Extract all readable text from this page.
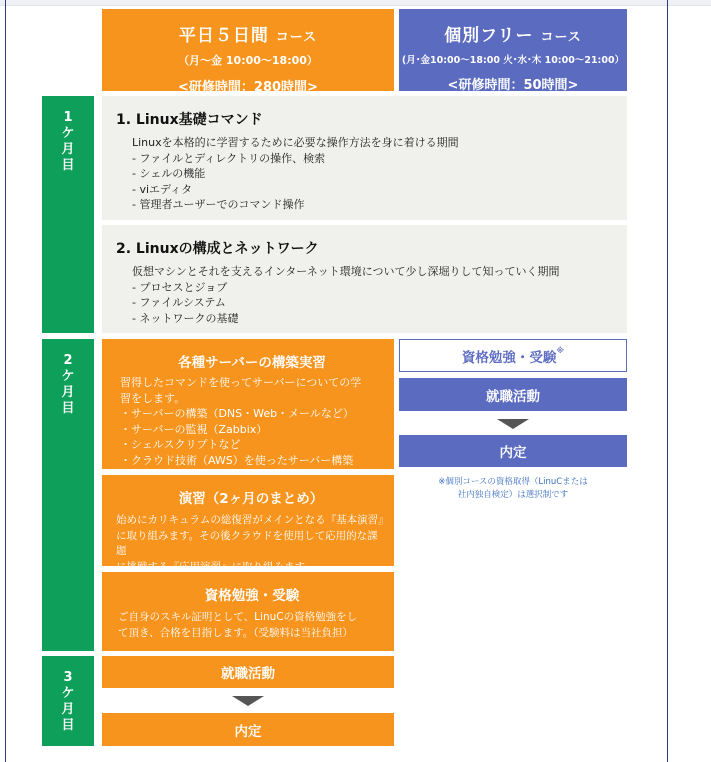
平日５日間 コース
（月〜金 10:00〜18:00）
<研修時間：280時間>
個別フリー コース
(月･金10:00〜18:00 火･水･木 10:00〜21:00）
<研修時間：50時間>
1
ケ
月
目
2
ケ
月
目
3
ケ
月
目
1. Linux基礎コマンド
Linuxを本格的に学習するために必要な操作方法を身に着ける期間
- ファイルとディレクトリの操作、検索
- シェルの機能
- viエディタ
- 管理者ユーザーでのコマンド操作
2. Linuxの構成とネットワーク
仮想マシンとそれを支えるインターネット環境について少し深堀りして知っていく期間
- プロセスとジョブ
- ファイルシステム
- ネットワークの基礎
各種サーバーの構築実習
習得したコマンドを使ってサーバーについての学
習をします。
・サーバーの構築（DNS・Web・メールなど）
・サーバーの監視（Zabbix）
・シェルスクリプトなど
・クラウド技術（AWS）を使ったサーバー構築
演習（2ヶ月のまとめ）
始めにカリキュラムの総復習がメインとなる『基本演習』
に取り組みます。その後クラウドを使用して応用的な課題
に挑戦する『応用演習』に取り組みます。
資格勉強・受験
ご自身のスキル証明として、LinuCの資格勉強をし
て頂き、合格を目指します。（受験料は当社負担）
資格勉強・受験※
就職活動
内定
※個別コースの資格取得（LinuCまたは
社内独自検定）は選択制です
就職活動
内定
